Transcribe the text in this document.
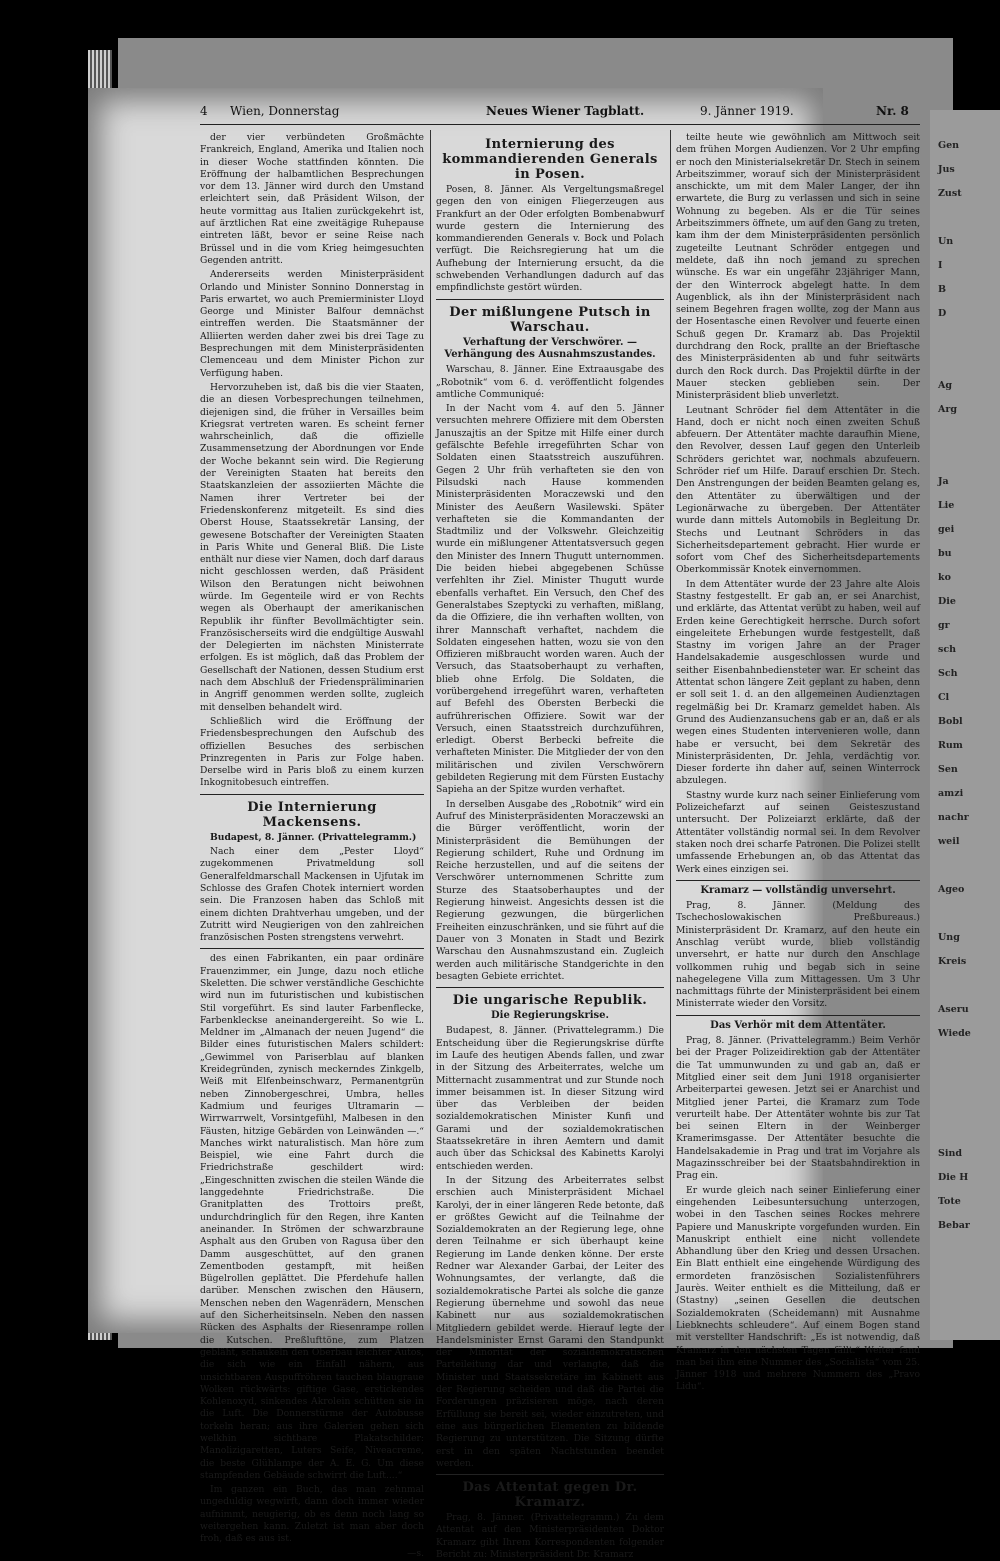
4 Wien, Donnerstag	Neues Wiener Tagblatt.	9. Jänner 1919.	Nr. 8

der vier verbündeten Großmächte Frankreich, England, Amerika und Italien noch in dieser Woche stattfinden könnten. Die Eröffnung der halbamtlichen Besprechungen vor dem 13. Jänner wird durch den Umstand erleichtert sein, daß Präsident Wilson, der heute vormittag aus Italien zurückgekehrt ist, auf ärztlichen Rat eine zweitägige Ruhepause eintreten läßt, bevor er seine Reise nach Brüssel und in die vom Krieg heimgesuchten Gegenden antritt.

Andererseits werden Ministerpräsident Orlando und Minister Sonnino Donnerstag in Paris erwartet, wo auch Premierminister Lloyd George und Minister Balfour demnächst eintreffen werden. Die Staatsmänner der Alliierten werden daher zwei bis drei Tage zu Besprechungen mit dem Ministerpräsidenten Clemenceau und dem Minister Pichon zur Verfügung haben.

Hervorzuheben ist, daß bis die vier Staaten, die an diesen Vorbesprechungen teilnehmen, diejenigen sind, die früher in Versailles beim Kriegsrat vertreten waren. Es scheint ferner wahrscheinlich, daß die offizielle Zusammensetzung der Abordnungen vor Ende der Woche bekannt sein wird. Die Regierung der Vereinigten Staaten hat bereits den Staatskanzleien der assoziierten Mächte die Namen ihrer Vertreter bei der Friedenskonferenz mitgeteilt. Es sind dies Oberst House, Staatssekretär Lansing, der gewesene Botschafter der Vereinigten Staaten in Paris White und General Bliß. Die Liste enthält nur diese vier Namen, doch darf daraus nicht geschlossen werden, daß Präsident Wilson den Beratungen nicht beiwohnen würde. Im Gegenteile wird er von Rechts wegen als Oberhaupt der amerikanischen Republik ihr fünfter Bevollmächtigter sein. Französischerseits wird die endgültige Auswahl der Delegierten im nächsten Ministerrate erfolgen. Es ist möglich, daß das Problem der Gesellschaft der Nationen, dessen Studium erst nach dem Abschluß der Friedenspräliminarien in Angriff genommen werden sollte, zugleich mit denselben behandelt wird.

Schließlich wird die Eröffnung der Friedensbesprechungen den Aufschub des offiziellen Besuches des serbischen Prinzregenten in Paris zur Folge haben. Derselbe wird in Paris bloß zu einem kurzen Inkognitobesuch eintreffen.

Die Internierung Mackensens.

Budapest, 8. Jänner. (Privattelegramm.)

Nach einer dem „Pester Lloyd“ zugekommenen Privatmeldung soll Generalfeldmarschall Mackensen in Ujfutak im Schlosse des Grafen Chotek interniert worden sein. Die Franzosen haben das Schloß mit einem dichten Drahtverhau umgeben, und der Zutritt wird Neugierigen von den zahlreichen französischen Posten strengstens verwehrt.

des einen Fabrikanten, ein paar ordinäre Frauenzimmer, ein Junge, dazu noch etliche Skeletten. Die schwer verständliche Geschichte wird nun im futuristischen und kubistischen Stil vorgeführt. Es sind lauter Farbenflecke, Farbenkleckse aneinandergereiht. So wie L. Meldner im „Almanach der neuen Jugend“ die Bilder eines futuristischen Malers schildert: „Gewimmel von Pariserblau auf blanken Kreidegründen, zynisch meckerndes Zinkgelb, Weiß mit Elfenbeinschwarz, Permanentgrün neben Zinnobergeschrei, Umbra, helles Kadmium und feuriges Ultramarin — Wirrwarrwelt, Vorsintgefühl, Malbesen in den Fäusten, hitzige Gebärden von Leinwänden —.“ Manches wirkt naturalistisch. Man höre zum Beispiel, wie eine Fahrt durch die Friedrichstraße geschildert wird: „Eingeschnitten zwischen die steilen Wände die langgedehnte Friedrichstraße. Die Granitplatten des Trottoirs preßt, undurchdringlich für den Regen, ihre Kanten aneinander. In Strömen der schwarzbraune Asphalt aus den Gruben von Ragusa über den Damm ausgeschüttet, auf den granen Zementboden gestampft, mit heißen Bügelrollen geplättet. Die Pferdehufe hallen darüber. Menschen zwischen den Häusern, Menschen neben den Wagenrädern, Menschen auf den Sicherheitsinseln. Neben den nassen Rücken des Asphalts der Riesenrampe rollen die Kutschen. Preßlufttöne, zum Platzen gebläht, schaukeln den Oberbau leichter Autos, die sich wie ein Einfall nähern, aus unsichtbaren Auspuffröhren tauchen blaugraue Wolken rückwärts: giftige Gase, erstickendes Kohlenoxyd, sinkendes Akrolein schütten sie in die Luft. Die Donnerstürme der Autobusse torkeln heran; aus ihre Galerien gehen sich welkhin sichtbare Plakatschilder: Manolizigaretten, Luters Seife, Niveacreme, die beste Glühlampe der A. E. G. Um diese stampfenden Gebäude schwirrt die Luft....“

Im ganzen ein Buch, das man zehnmal ungeduldig wegwirft, dann doch immer wieder aufnimmt, neugierig, ob es denn noch lang so weitergehen kann. Zuletzt ist man aber doch froh, daß es aus ist.

—s.

Internierung des kommandierenden Generals in Posen.

Posen, 8. Jänner. Als Vergeltungsmaßregel gegen den von einigen Fliegerzeugen aus Frankfurt an der Oder erfolgten Bombenabwurf wurde gestern die Internierung des kommandierenden Generals v. Bock und Polach verfügt. Die Reichsregierung hat um die Aufhebung der Internierung ersucht, da die schwebenden Verhandlungen dadurch auf das empfindlichste gestört würden.

Der mißlungene Putsch in Warschau.
Verhaftung der Verschwörer. — Verhängung des Ausnahmszustandes.

Warschau, 8. Jänner. Eine Extraausgabe des „Robotnik“ vom 6. d. veröffentlicht folgendes amtliche Communiqué:

In der Nacht vom 4. auf den 5. Jänner versuchten mehrere Offiziere mit dem Obersten Januszajtis an der Spitze mit Hilfe einer durch gefälschte Befehle irregeführten Schar von Soldaten einen Staatsstreich auszuführen. Gegen 2 Uhr früh verhafteten sie den von Pilsudski nach Hause kommenden Ministerpräsidenten Moraczewski und den Minister des Aeußern Wasilewski. Später verhafteten sie die Kommandanten der Stadtmiliz und der Volkswehr. Gleichzeitig wurde ein mißlungener Attentatsversuch gegen den Minister des Innern Thugutt unternommen. Die beiden hiebei abgegebenen Schüsse verfehlten ihr Ziel. Minister Thugutt wurde ebenfalls verhaftet. Ein Versuch, den Chef des Generalstabes Szeptycki zu verhaften, mißlang, da die Offiziere, die ihn verhaften wollten, von ihrer Mannschaft verhaftet, nachdem die Soldaten eingesehen hatten, wozu sie von den Offizieren mißbraucht worden waren. Auch der Versuch, das Staatsoberhaupt zu verhaften, blieb ohne Erfolg. Die Soldaten, die vorübergehend irregeführt waren, verhafteten auf Befehl des Obersten Berbecki die aufrührerischen Offiziere. Sowit war der Versuch, einen Staatsstreich durchzuführen, erledigt. Oberst Berbecki befreite die verhafteten Minister. Die Mitglieder der von den militärischen und zivilen Verschwörern gebildeten Regierung mit dem Fürsten Eustachy Sapieha an der Spitze wurden verhaftet.

In derselben Ausgabe des „Robotnik“ wird ein Aufruf des Ministerpräsidenten Moraczewski an die Bürger veröffentlicht, worin der Ministerpräsident die Bemühungen der Regierung schildert, Ruhe und Ordnung im Reiche herzustellen, und auf die seitens der Verschwörer unternommenen Schritte zum Sturze des Staatsoberhauptes und der Regierung hinweist. Angesichts dessen ist die Regierung gezwungen, die bürgerlichen Freiheiten einzuschränken, und sie führt auf die Dauer von 3 Monaten in Stadt und Bezirk Warschau den Ausnahmszustand ein. Zugleich werden auch militärische Standgerichte in den besagten Gebiete errichtet.

Die ungarische Republik.
Die Regierungskrise.

Budapest, 8. Jänner. (Privattelegramm.) Die Entscheidung über die Regierungskrise dürfte im Laufe des heutigen Abends fallen, und zwar in der Sitzung des Arbeiterrates, welche um Mitternacht zusammentrat und zur Stunde noch immer beisammen ist. In dieser Sitzung wird über das Verbleiben der beiden sozialdemokratischen Minister Kunfi und Garami und der sozialdemokratischen Staatssekretäre in ihren Aemtern und damit auch über das Schicksal des Kabinetts Karolyi entschieden werden.

In der Sitzung des Arbeiterrates selbst erschien auch Ministerpräsident Michael Karolyi, der in einer längeren Rede betonte, daß er größtes Gewicht auf die Teilnahme der Sozialdemokraten an der Regierung lege, ohne deren Teilnahme er sich überhaupt keine Regierung im Lande denken könne. Der erste Redner war Alexander Garbai, der Leiter des Wohnungsamtes, der verlangte, daß die sozialdemokratische Partei als solche die ganze Regierung übernehme und sowohl das neue Kabinett nur aus sozialdemokratischen Mitgliedern gebildet werde. Hierauf legte der Handelsminister Ernst Garami den Standpunkt der Minorität der sozialdemokratischen Parteileitung dar und verlangte, daß die Minister und Staatssekretäre im Kabinett aus der Regierung scheiden und daß die Partei die Forderungen präzisieren möge, nach deren Erfüllung sie bereit sei, wieder einzutreten, und eine aus bürgerlichen Elementen zu bildende Regierung zu unterstützen. Die Sitzung dürfte erst in den späten Nachtstunden beendet werden.

Das Attentat gegen Dr. Kramarz.

Prag, 8. Jänner. (Privattelegramm.) Zu dem Attentat auf den Ministerpräsidenten Doktor Kramarz gibt Ihrem Korrespondenten folgender Bericht zu: Ministerpräsident Dr. Kramarz

teilte heute wie gewöhnlich am Mittwoch seit dem frühen Morgen Audienzen. Vor 2 Uhr empfing er noch den Ministerialsekretär Dr. Stech in seinem Arbeitszimmer, worauf sich der Ministerpräsident anschickte, um mit dem Maler Langer, der ihn erwartete, die Burg zu verlassen und sich in seine Wohnung zu begeben. Als er die Tür seines Arbeitszimmers öffnete, um auf den Gang zu treten, kam ihm der dem Ministerpräsidenten persönlich zugeteilte Leutnant Schröder entgegen und meldete, daß ihn noch jemand zu sprechen wünsche. Es war ein ungefähr 23jähriger Mann, der den Winterrock abgelegt hatte. In dem Augenblick, als ihn der Ministerpräsident nach seinem Begehren fragen wollte, zog der Mann aus der Hosentasche einen Revolver und feuerte einen Schuß gegen Dr. Kramarz ab. Das Projektil durchdrang den Rock, prallte an der Brieftasche des Ministerpräsidenten ab und fuhr seitwärts durch den Rock durch. Das Projektil dürfte in der Mauer stecken geblieben sein. Der Ministerpräsident blieb unverletzt.

Leutnant Schröder fiel dem Attentäter in die Hand, doch er nicht noch einen zweiten Schuß abfeuern. Der Attentäter machte daraufhin Miene, den Revolver, dessen Lauf gegen den Unterleib Schröders gerichtet war, nochmals abzufeuern. Schröder rief um Hilfe. Darauf erschien Dr. Stech. Den Anstrengungen der beiden Beamten gelang es, den Attentäter zu überwältigen und der Legionärwache zu übergeben. Der Attentäter wurde dann mittels Automobils in Begleitung Dr. Stechs und Leutnant Schröders in das Sicherheitsdepartement gebracht. Hier wurde er sofort vom Chef des Sicherheitsdepartements Oberkommissär Knotek einvernommen.

In dem Attentäter wurde der 23 Jahre alte Alois Stastny festgestellt. Er gab an, er sei Anarchist, und erklärte, das Attentat verübt zu haben, weil auf Erden keine Gerechtigkeit herrsche. Durch sofort eingeleitete Erhebungen wurde festgestellt, daß Stastny im vorigen Jahre an der Prager Handelsakademie ausgeschlossen wurde und seither Eisenbahnbediensteter war. Er scheint das Attentat schon längere Zeit geplant zu haben, denn er soll seit 1. d. an den allgemeinen Audienztagen regelmäßig bei Dr. Kramarz gemeldet haben. Als Grund des Audienzansuchens gab er an, daß er als wegen eines Studenten intervenieren wolle, dann habe er versucht, bei dem Sekretär des Ministerpräsidenten, Dr. Jehla, verdächtig vor. Dieser forderte ihn daher auf, seinen Winterrock abzulegen.

Stastny wurde kurz nach seiner Einlieferung vom Polizeichefarzt auf seinen Geisteszustand untersucht. Der Polizeiarzt erklärte, daß der Attentäter vollständig normal sei. In dem Revolver staken noch drei scharfe Patronen. Die Polizei stellt umfassende Erhebungen an, ob das Attentat das Werk eines einzigen sei.

Kramarz — vollständig unversehrt.

Prag, 8. Jänner. (Meldung des Tschechoslowakischen Preßbureaus.) Ministerpräsident Dr. Kramarz, auf den heute ein Anschlag verübt wurde, blieb vollständig unversehrt, er hatte nur durch den Anschlage vollkommen ruhig und begab sich in seine nahegelegene Villa zum Mittagessen. Um 3 Uhr nachmittags führte der Ministerpräsident bei einem Ministerrate wieder den Vorsitz.

Das Verhör mit dem Attentäter.

Prag, 8. Jänner. (Privattelegramm.) Beim Verhör bei der Prager Polizeidirektion gab der Attentäter die Tat ummunwunden zu und gab an, daß er Mitglied einer seit dem Juni 1918 organisierter Arbeiterpartei gewesen. Jetzt sei er Anarchist und Mitglied jener Partei, die Kramarz zum Tode verurteilt habe. Der Attentäter wohnte bis zur Tat bei seinen Eltern in der Weinberger Kramerimsgasse. Der Attentäter besuchte die Handelsakademie in Prag und trat im Vorjahre als Magazinsschreiber bei der Staatsbahndirektion in Prag ein.

Er wurde gleich nach seiner Einlieferung einer eingehenden Leibesuntersuchung unterzogen, wobei in den Taschen seines Rockes mehrere Papiere und Manuskripte vorgefunden wurden. Ein Manuskript enthielt eine nicht vollendete Abhandlung über den Krieg und dessen Ursachen. Ein Blatt enthielt eine eingehende Würdigung des ermordeten französischen Sozialistenführers Jaurès. Weiter enthielt es die Mitteilung, daß er (Stastny) „seinen Gesellen die deutschen Sozialdemokraten (Scheidemann) mit Ausnahme Liebknechts schleudere“. Auf einem Bogen stand mit verstellter Handschrift: „Es ist notwendig, daß Kramarz in den nächsten Tagen fällt.“ Weiter fand man bei ihm eine Nummer des „Socialista“ vom 25. Jänner 1918 und mehrere Nummern des „Pravo Lidu“.

Gen
Jus
Zust
Un
I
B
D
Ag
Arg
Ja
Lie
gei
bu
ko
Die
gr
sch
Sch
Cl
Bobl
Rum
Sen
amzi
nachr
weil
Ageo
Ung
Kreis
Aseru
Wiede
Sind
Die H
Tote
Bebar
